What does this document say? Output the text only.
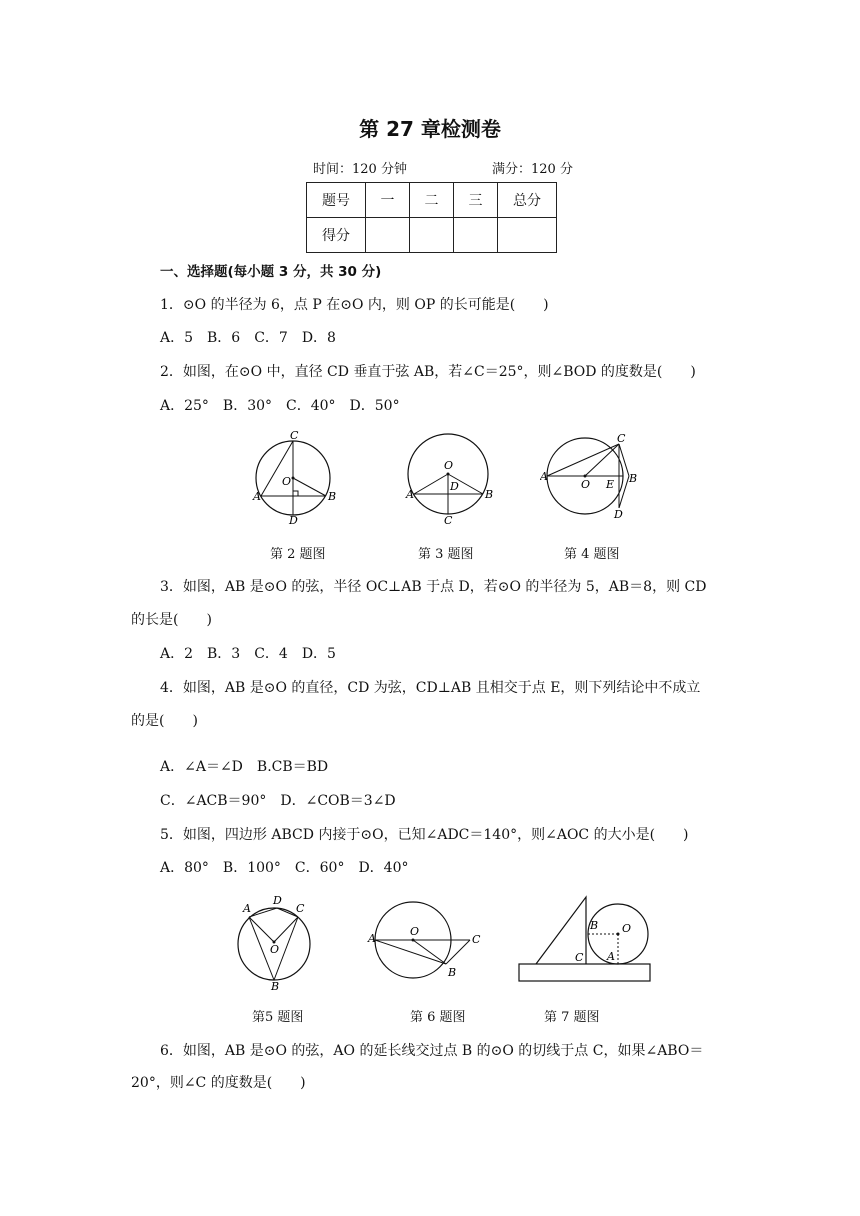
第 27 章检测卷
时间：120 分钟	满分：120 分
题号	一	二	三	总分
得分				
一、选择题(每小题 3 分，共 30 分)
1．⊙O 的半径为 6，点 P 在⊙O 内，则 OP 的长可能是(　　)
A．5　B．6　C．7　D．8
2．如图，在⊙O 中，直径 CD 垂直于弦 AB，若∠C＝25°，则∠BOD 的度数是(　　)
A．25°　B．30°　C．40°　D．50°
C
O
A	B
D
O
D
A	B
C
C
A
O E B
D
第 2 题图	第 3 题图	第 4 题图
3．如图，AB 是⊙O 的弦，半径 OC⊥AB 于点 D，若⊙O 的半径为 5，AB＝8，则 CD
的长是(　　)
A．2　B．3　C．4　D．5
4．如图，AB 是⊙O 的直径，CD 为弦，CD⊥AB 且相交于点 E，则下列结论中不成立
的是(　　)
A．∠A＝∠D　B.CB＝BD
C．∠ACB＝90°　D．∠COB＝3∠D
5．如图，四边形 ABCD 内接于⊙O，已知∠ADC＝140°，则∠AOC 的大小是(　　)
A．80°　B．100°　C．60°　D．40°
A
D
C
O
B
A
O
C
B
B O
C A
第5 题图	第 6 题图	第 7 题图
6．如图，AB 是⊙O 的弦，AO 的延长线交过点 B 的⊙O 的切线于点 C，如果∠ABO＝
20°，则∠C 的度数是(　　)
